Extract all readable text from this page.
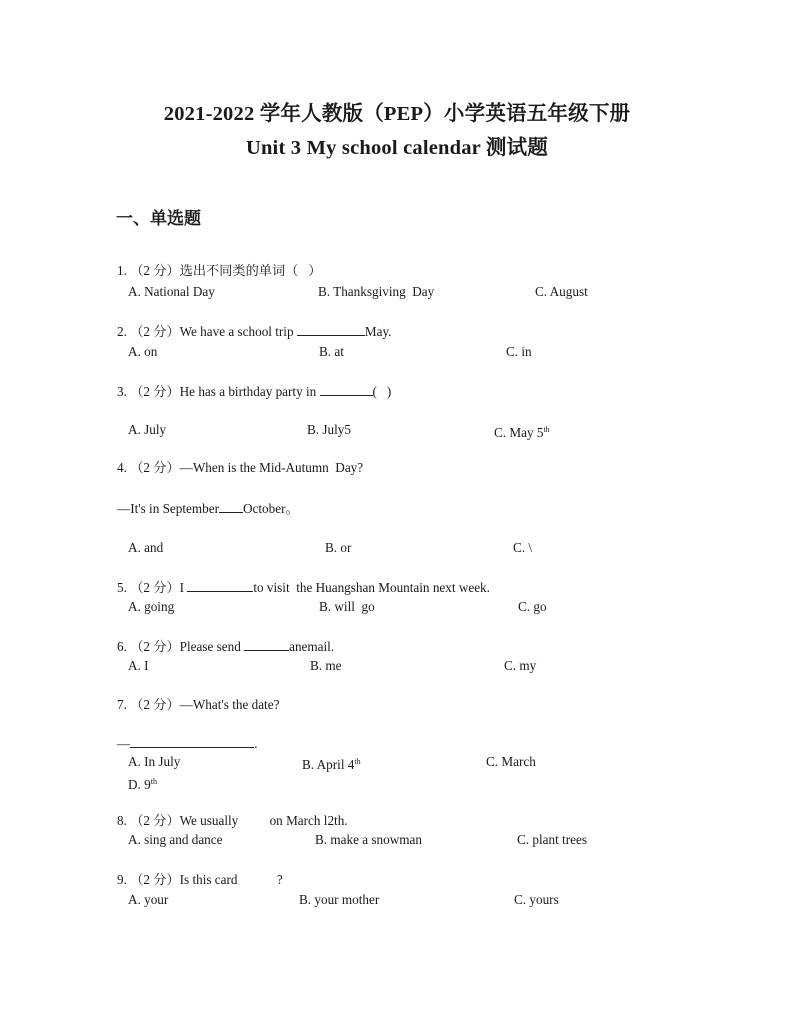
2021-2022 学年人教版（PEP）小学英语五年级下册
Unit 3 My school calendar 测试题
一、单选题
1. （2 分）选出不同类的单词（   ）
A. National Day	B. Thanksgiving  Day	C. August
2. （2 分）We have a school trip	May.
A. on	B. at	C. in
3. （2 分）He has a birthday party in	(   )
A. July	B. July5	C. May 5th
4. （2 分）—When is the Mid-Autumn  Day?
—It's in September October。
A. and	B. or	C. \
5. （2 分）I	to visit  the Huangshan Mountain next week.
A. going	B. will  go	C. go
6. （2 分）Please send	anemail.
A. I	B. me	C. my
7. （2 分）—What's the date?
—	.
A. In July	B. April 4th	C. March
D. 9th
8. （2 分）We usually on March l2th.
A. sing and dance	B. make a snowman	C. plant trees
9. （2 分）Is this card	?
A. your	B. your mother	C. yours
